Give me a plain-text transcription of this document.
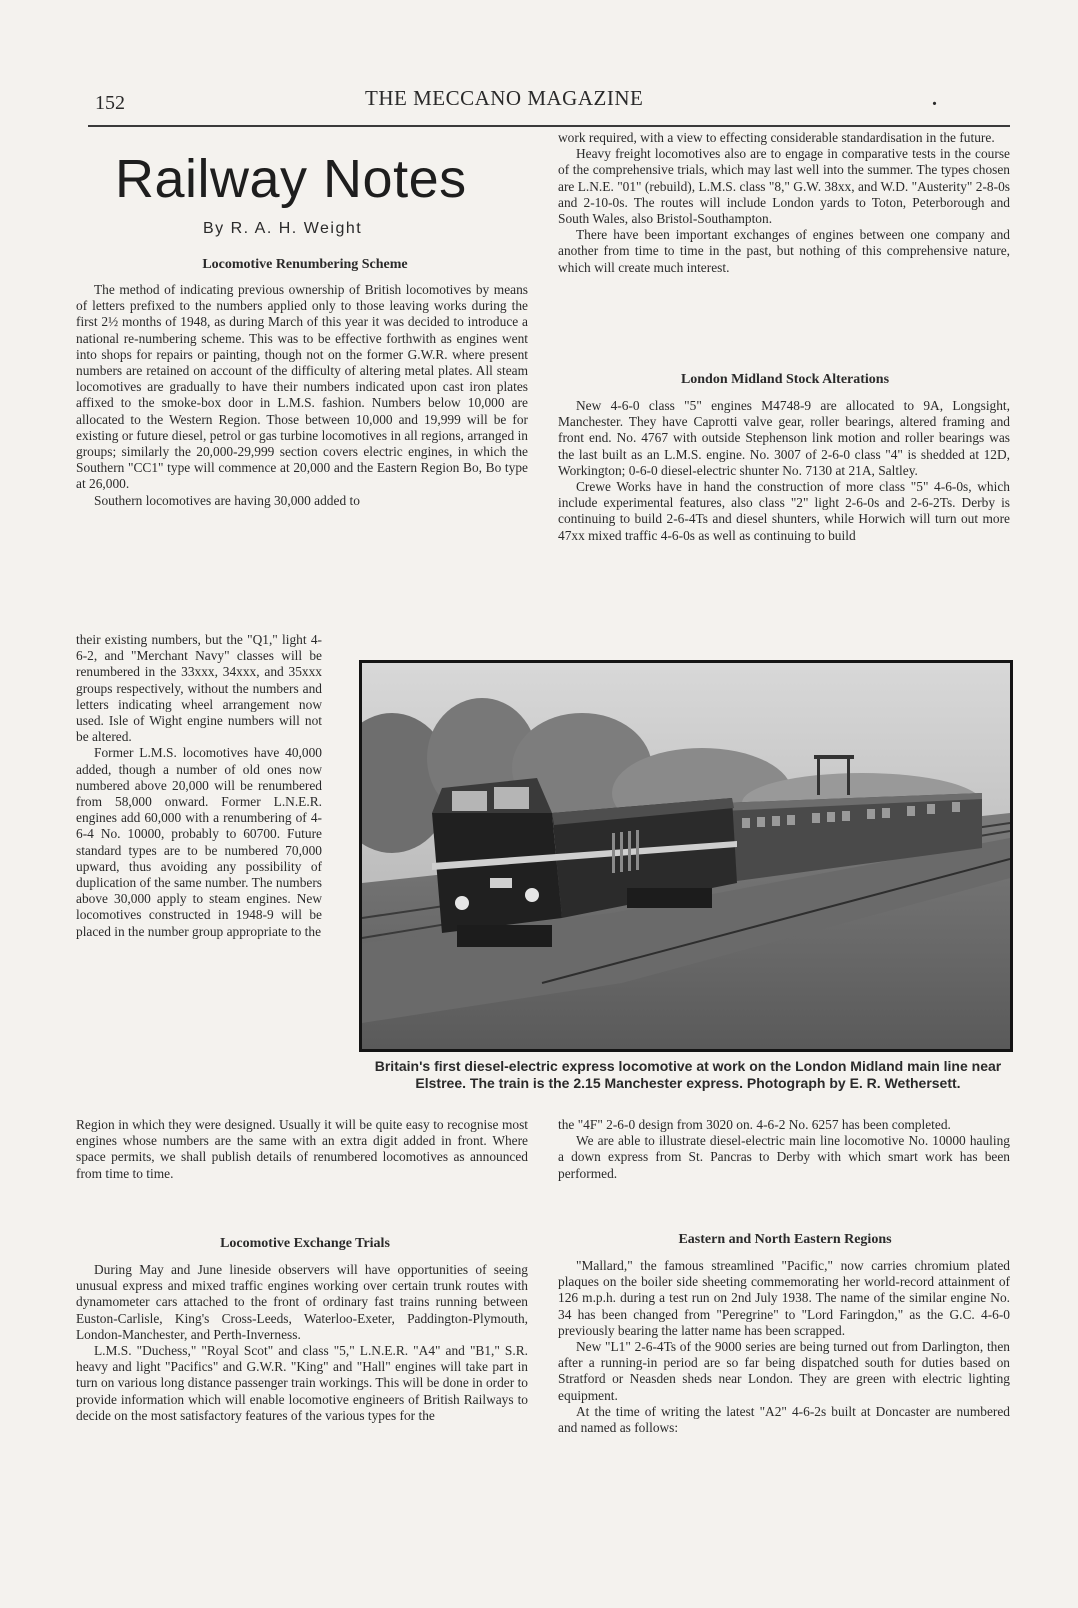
152	THE MECCANO MAGAZINE	.
Railway Notes
By R. A. H. Weight
Locomotive Renumbering Scheme

The method of indicating previous ownership of British locomotives by means of letters prefixed to the numbers applied only to those leaving works during the first 2½ months of 1948, as during March of this year it was decided to introduce a national re-numbering scheme. This was to be effective forthwith as engines went into shops for repairs or painting, though not on the former G.W.R. where present numbers are retained on account of the difficulty of altering metal plates. All steam locomotives are gradually to have their numbers indicated upon cast iron plates affixed to the smoke-box door in L.M.S. fashion. Numbers below 10,000 are allocated to the Western Region. Those between 10,000 and 19,999 will be for existing or future diesel, petrol or gas turbine locomotives in all regions, arranged in groups; similarly the 20,000-29,999 section covers electric engines, in which the Southern "CC1" type will commence at 20,000 and the Eastern Region Bo, Bo type at 26,000.

Southern locomotives are having 30,000 added to

their existing numbers, but the "Q1," light 4-6-2, and "Merchant Navy" classes will be renumbered in the 33xxx, 34xxx, and 35xxx groups respectively, without the numbers and letters indicating wheel arrangement now used. Isle of Wight engine numbers will not be altered.

Former L.M.S. locomotives have 40,000 added, though a number of old ones now numbered above 20,000 will be renumbered from 58,000 onward. Former L.N.E.R. engines add 60,000 with a renumbering of 4-6-4 No. 10000, probably to 60700. Future standard types are to be numbered 70,000 upward, thus avoiding any possibility of duplication of the same number. The numbers above 30,000 apply to steam engines. New locomotives constructed in 1948-9 will be placed in the number group appropriate to the

Region in which they were designed. Usually it will be quite easy to recognise most engines whose numbers are the same with an extra digit added in front. Where space permits, we shall publish details of renumbered locomotives as announced from time to time.

Locomotive Exchange Trials

During May and June lineside observers will have opportunities of seeing unusual express and mixed traffic engines working over certain trunk routes with dynamometer cars attached to the front of ordinary fast trains running between Euston-Carlisle, King's Cross-Leeds, Waterloo-Exeter, Paddington-Plymouth, London-Manchester, and Perth-Inverness.

L.M.S. "Duchess," "Royal Scot" and class "5," L.N.E.R. "A4" and "B1," S.R. heavy and light "Pacifics" and G.W.R. "King" and "Hall" engines will take part in turn on various long distance passenger train workings. This will be done in order to provide information which will enable locomotive engineers of British Railways to decide on the most satisfactory features of the various types for the

work required, with a view to effecting considerable standardisation in the future.

Heavy freight locomotives also are to engage in comparative tests in the course of the comprehensive trials, which may last well into the summer. The types chosen are L.N.E. "01" (rebuild), L.M.S. class "8," G.W. 38xx, and W.D. "Austerity" 2-8-0s and 2-10-0s. The routes will include London yards to Toton, Peterborough and South Wales, also Bristol-Southampton.

There have been important exchanges of engines between one company and another from time to time in the past, but nothing of this comprehensive nature, which will create much interest.

London Midland Stock Alterations

New 4-6-0 class "5" engines M4748-9 are allocated to 9A, Longsight, Manchester. They have Caprotti valve gear, roller bearings, altered framing and front end. No. 4767 with outside Stephenson link motion and roller bearings was the last built as an L.M.S. engine. No. 3007 of 2-6-0 class "4" is shedded at 12D, Workington; 0-6-0 diesel-electric shunter No. 7130 at 21A, Saltley.

Crewe Works have in hand the construction of more class "5" 4-6-0s, which include experimental features, also class "2" light 2-6-0s and 2-6-2Ts. Derby is continuing to build 2-6-4Ts and diesel shunters, while Horwich will turn out more 47xx mixed traffic 4-6-0s as well as continuing to build

Britain's first diesel-electric express locomotive at work on the London Midland main line near Elstree. The train is the 2.15 Manchester express. Photograph by E. R. Wethersett.

the "4F" 2-6-0 design from 3020 on. 4-6-2 No. 6257 has been completed.

We are able to illustrate diesel-electric main line locomotive No. 10000 hauling a down express from St. Pancras to Derby with which smart work has been performed.

Eastern and North Eastern Regions

"Mallard," the famous streamlined "Pacific," now carries chromium plated plaques on the boiler side sheeting commemorating her world-record attainment of 126 m.p.h. during a test run on 2nd July 1938. The name of the similar engine No. 34 has been changed from "Peregrine" to "Lord Faringdon," as the G.C. 4-6-0 previously bearing the latter name has been scrapped.

New "L1" 2-6-4Ts of the 9000 series are being turned out from Darlington, then after a running-in period are so far being dispatched south for duties based on Stratford or Neasden sheds near London. They are green with electric lighting equipment.

At the time of writing the latest "A2" 4-6-2s built at Doncaster are numbered and named as follows:
